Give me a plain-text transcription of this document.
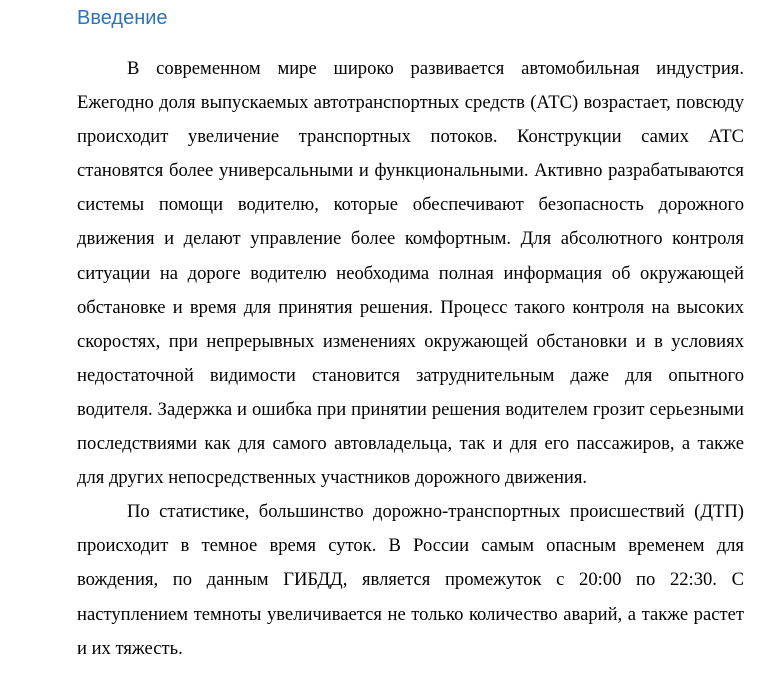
Введение

В современном мире широко развивается автомобильная индустрия. Ежегодно доля выпускаемых автотранспортных средств (АТС) возрастает, повсюду происходит увеличение транспортных потоков. Конструкции самих АТС становятся более универсальными и функциональными. Активно разрабатываются системы помощи водителю, которые обеспечивают безопасность дорожного движения и делают управление более комфортным. Для абсолютного контроля ситуации на дороге водителю необходима полная информация об окружающей обстановке и время для принятия решения. Процесс такого контроля на высоких скоростях, при непрерывных изменениях окружающей обстановки и в условиях недостаточной видимости становится затруднительным даже для опытного водителя. Задержка и ошибка при принятии решения водителем грозит серьезными последствиями как для самого автовладельца, так и для его пассажиров, а также для других непосредственных участников дорожного движения.

По статистике, большинство дорожно-транспортных происшествий (ДТП) происходит в темное время суток. В России самым опасным временем для вождения, по данным ГИБДД, является промежуток с 20:00 по 22:30. С наступлением темноты увеличивается не только количество аварий, а также растет и их тяжесть.
